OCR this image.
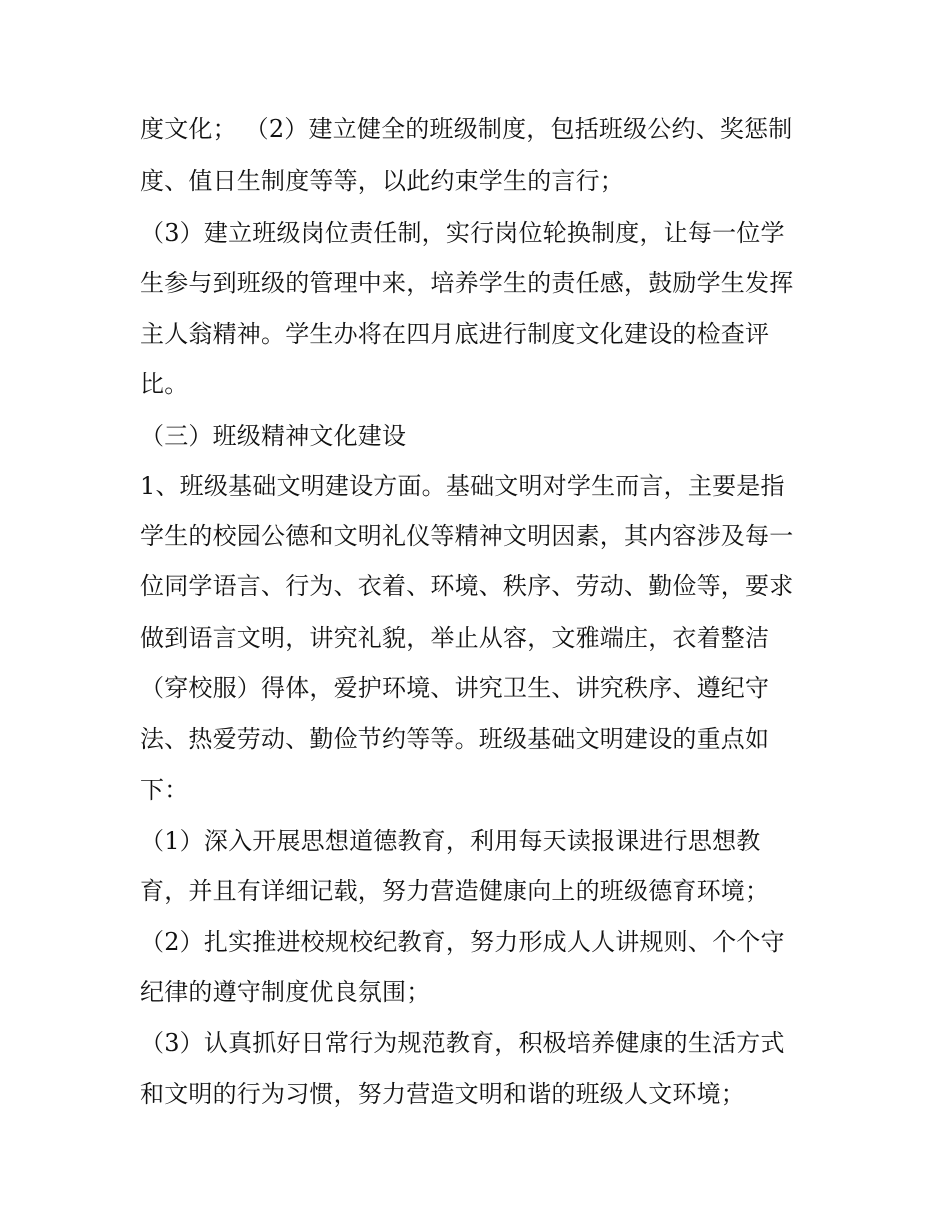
度文化； （2）建立健全的班级制度，包括班级公约、奖惩制
度、值日生制度等等，以此约束学生的言行；
（3）建立班级岗位责任制，实行岗位轮换制度，让每一位学
生参与到班级的管理中来，培养学生的责任感，鼓励学生发挥
主人翁精神。学生办将在四月底进行制度文化建设的检查评
比。
（三）班级精神文化建设
1、班级基础文明建设方面。基础文明对学生而言，主要是指
学生的校园公德和文明礼仪等精神文明因素，其内容涉及每一
位同学语言、行为、衣着、环境、秩序、劳动、勤俭等，要求
做到语言文明，讲究礼貌，举止从容，文雅端庄，衣着整洁
（穿校服）得体，爱护环境、讲究卫生、讲究秩序、遵纪守
法、热爱劳动、勤俭节约等等。班级基础文明建设的重点如
下：
（1）深入开展思想道德教育，利用每天读报课进行思想教
育，并且有详细记载，努力营造健康向上的班级德育环境；
（2）扎实推进校规校纪教育，努力形成人人讲规则、个个守
纪律的遵守制度优良氛围；
（3）认真抓好日常行为规范教育，积极培养健康的生活方式
和文明的行为习惯，努力营造文明和谐的班级人文环境；
